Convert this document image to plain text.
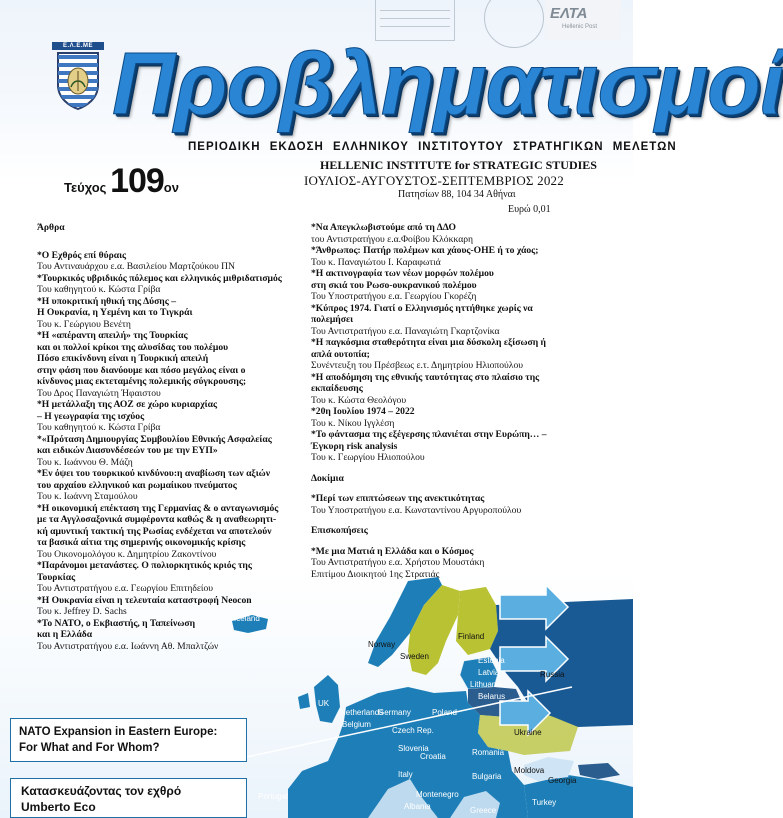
ΕΛΤΑ
Hellenic Post
Ε.Λ.Ε.ΜΕ Προβληματισμοί
ΠΕΡΙΟΔΙΚΗ ΕΚΔΟΣΗ ΕΛΛΗΝΙΚΟΥ ΙΝΣΤΙΤΟΥΤΟΥ ΣΤΡΑΤΗΓΙΚΩΝ ΜΕΛΕΤΩΝ
Τεύχος 109ον
HELLENIC INSTITUTE for STRATEGIC STUDIES
ΙΟΥΛΙΟΣ-ΑΥΓΟΥΣΤΟΣ-ΣΕΠΤΕΜΒΡΙΟΣ 2022
Πατησίων 88, 104 34 Αθήναι
Ευρώ 0,01
Άρθρα
*O Εχθρός επί θύραις
Του Αντιναυάρχου ε.α. Βασιλείου Μαρτζούκου ΠΝ
*Τουρκικός υβριδικός πόλεμος και ελληνικός μιθριδατισμός
Του καθηγητού κ. Κώστα Γρίβα
*Η υποκριτική ηθική της Δύσης –
Η Ουκρανία, η Υεμένη και το Τιγκράι
Του κ. Γεώργιου Βενέτη
*Η «απέραντη απειλή» της Τουρκίας
και οι πολλοί κρίκοι της αλυσίδας του πολέμου
Πόσο επικίνδυνη είναι η Τουρκική απειλή
στην φάση που διανύουμε και πόσο μεγάλος είναι ο
κίνδυνος μιας εκτεταμένης πολεμικής σύγκρουσης;
Του Δρος Παναγιώτη Ήφαιστου
*Η μετάλλαξη της ΑΟΖ σε χώρο κυριαρχίας
– Η γεωγραφία της ισχύος
Του καθηγητού κ. Κώστα Γρίβα
*«Πρόταση Δημιουργίας Συμβουλίου Εθνικής Ασφαλείας
και ειδικών Διασυνδέσεών του με την ΕΥΠ»
Του κ. Ιωάννου Θ. Μάζη
*Εν όψει του τουρκικού κινδύνου:η αναβίωση των αξιών
του αρχαίου ελληνικού και ρωμαίικου πνεύματος
Του κ. Ιωάννη Σταμούλου
*Η οικονομική επέκταση της Γερμανίας & ο ανταγωνισμός
με τα Αγγλοσαξονικά συμφέροντα καθώς & η αναθεωρητι-
κή αμυντική τακτική της Ρωσίας ενδέχεται να αποτελούν
τα βασικά αίτια της σημερινής οικονομικής κρίσης
Του Οικονομολόγου κ. Δημητρίου Ζακοντίνου
*Παράνομοι μετανάστες. Ο πολιορκητικός κριός της
Τουρκίας
Του Αντιστρατήγου ε.α. Γεωργίου Επιτηδείου
*Η Ουκρανία είναι η τελευταία καταστροφή Neocon
Του κ. Jeffrey D. Sachs
*Το ΝΑΤΟ, ο Εκβιαστής, η Ταπείνωση
και η Ελλάδα
Του Αντιστρατήγου ε.α. Ιωάννη Αθ. Μπαλτζών
*Να Απεγκλωβιστούμε από τη ΔΔΟ
του Αντιστρατήγου ε.α.Φοίβου Κλόκκαρη
*Άνθρωπος: Πατήρ πολέμων και χάους-ΟΗΕ ή το χάος;
Του κ. Παναγιώτου Ι. Καραφωτιά
*Η ακτινογραφία των νέων μορφών πολέμου
στη σκιά του Ρωσο-ουκρανικού πολέμου
Του Υποστρατήγου ε.α. Γεωργίου Γκορέζη
*Κύπρος 1974. Γιατί ο Ελληνισμός ηττήθηκε χωρίς να
πολεμήσει
Του Αντιστρατήγου ε.α. Παναγιώτη Γκαρτζονίκα
*Η παγκόσμια σταθερότητα είναι μια δύσκολη εξίσωση ή
απλά ουτοπία;
Συνέντευξη του Πρέσβεως ε.τ. Δημητρίου Ηλιοπούλου
*Η αποδόμηση της εθνικής ταυτότητας στο πλαίσιο της
εκπαίδευσης
Του κ. Κώστα Θεολόγου
*20η Ιουλίου 1974 – 2022
Του κ. Νίκου Ιγγλέση
*Το φάντασμα της εξέγερσης πλανιέται στην Ευρώπη… –
Έγκυρη risk analysis
Του κ. Γεωργίου Ηλιοπούλου
Δοκίμια
*Περί των επιπτώσεων της ανεκτικότητας
Του Υποστρατήγου ε.α. Κωνσταντίνου Αργυροπούλου
Επισκοπήσεις
*Με μια Ματιά η Ελλάδα και ο Κόσμος
Του Αντιστρατήγου ε.α. Χρήστου Μουστάκη
Επιτίμου Διοικητού 1ης Στρατιάς
Iceland
Norway
Sweden
Finland
Estonia
Latvia
Lithuania
Russia
Belarus
UK
Netherlands
Belgium
Germany	Poland
Czech Rep.	Ukraine
Romania
Moldova
Croatia
Slovenia
Portugal
Italy	Bulgaria	Georgia
Montenegro
Albania	Turkey
Greece
NATO Expansion in Eastern Europe:
For What and For Whom?
Κατασκευάζοντας τον εχθρό
Umberto Eco
